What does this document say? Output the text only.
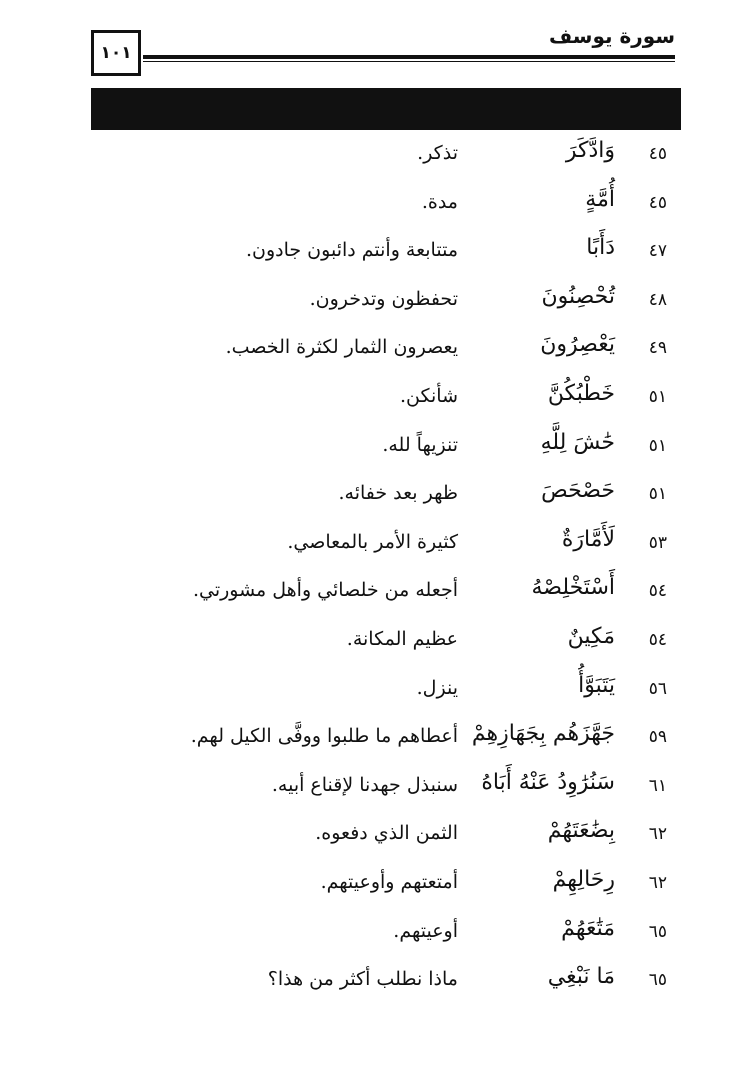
١٠١
سورة يوسف
٤٥
وَادَّكَرَ
تذكر.
٤٥
أُمَّةٍ
مدة.
٤٧
دَأَبًا
متتابعة وأنتم دائبون جادون.
٤٨
تُحْصِنُونَ
تحفظون وتدخرون.
٤٩
يَعْصِرُونَ
يعصرون الثمار لكثرة الخصب.
٥١
خَطْبُكُنَّ
شأنكن.
٥١
حَٰشَ لِلَّهِ
تنزيهاً لله.
٥١
حَصْحَصَ
ظهر بعد خفائه.
٥٣
لَأَمَّارَةٌ
كثيرة الأمر بالمعاصي.
٥٤
أَسْتَخْلِصْهُ
أجعله من خلصائي وأهل مشورتي.
٥٤
مَكِينٌ
عظيم المكانة.
٥٦
يَتَبَوَّأُ
ينزل.
٥٩
جَهَّزَهُم بِجَهَازِهِمْ
أعطاهم ما طلبوا ووفَّى الكيل لهم.
٦١
سَنُرَٰوِدُ عَنْهُ أَبَاهُ
سنبذل جهدنا لإقناع أبيه.
٦٢
بِضَٰعَتَهُمْ
الثمن الذي دفعوه.
٦٢
رِحَالِهِمْ
أمتعتهم وأوعيتهم.
٦٥
مَتَٰعَهُمْ
أوعيتهم.
٦٥
مَا نَبْغِي
ماذا نطلب أكثر من هذا؟
